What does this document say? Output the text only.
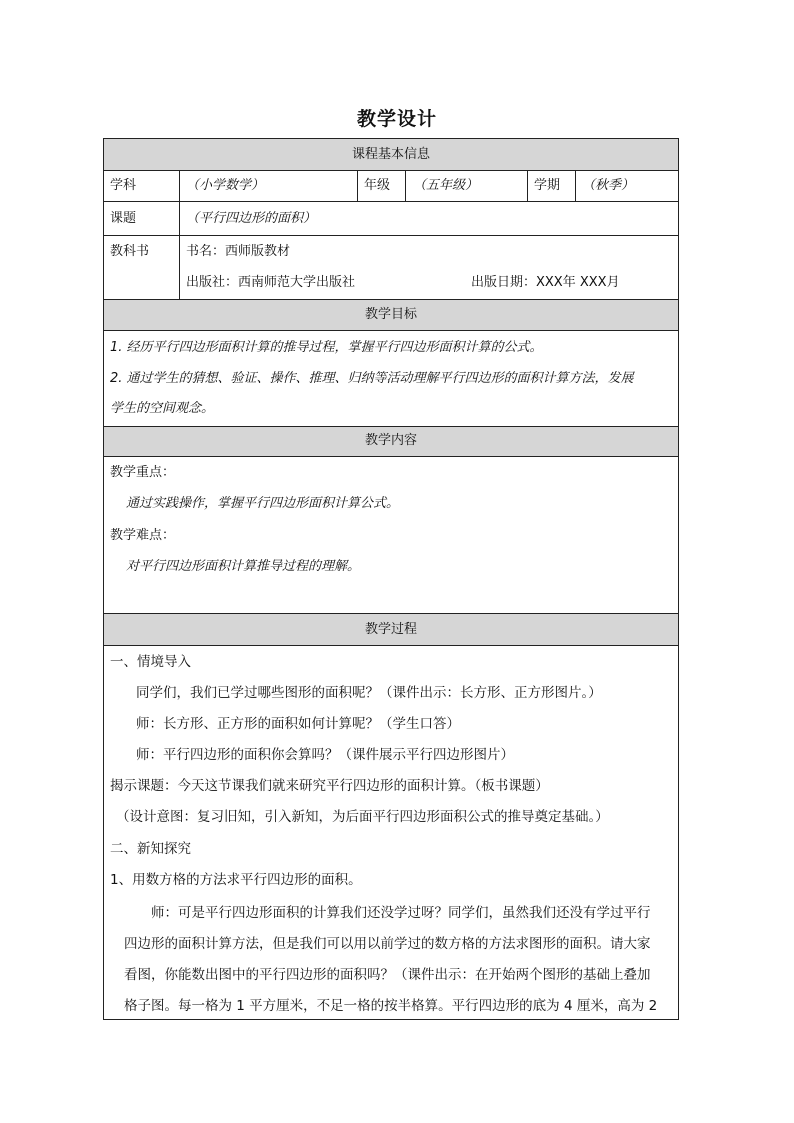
教学设计
课程基本信息
学科	（小学数学）	年级 （五年级）	学期 （秋季）
课题	（平行四边形的面积）
教科书	书名：西师版教材
出版社：西南师范大学出版社	出版日期：XXX年 XXX月
教学目标
1. 经历平行四边形面积计算的推导过程，掌握平行四边形面积计算的公式。
2. 通过学生的猜想、验证、操作、推理、归纳等活动理解平行四边形的面积计算方法，发展
学生的空间观念。
教学内容
教学重点：
通过实践操作，掌握平行四边形面积计算公式。
教学难点：
对平行四边形面积计算推导过程的理解。
教学过程
一、情境导入
同学们，我们已学过哪些图形的面积呢？（课件出示：长方形、正方形图片。）
师：长方形、正方形的面积如何计算呢？（学生口答）
师：平行四边形的面积你会算吗？（课件展示平行四边形图片）
揭示课题：今天这节课我们就来研究平行四边形的面积计算。（板书课题）
（设计意图：复习旧知，引入新知，为后面平行四边形面积公式的推导奠定基础。）
二、新知探究
1、用数方格的方法求平行四边形的面积。
师：可是平行四边形面积的计算我们还没学过呀？同学们，虽然我们还没有学过平行
四边形的面积计算方法，但是我们可以用以前学过的数方格的方法求图形的面积。请大家
看图，你能数出图中的平行四边形的面积吗？（课件出示：在开始两个图形的基础上叠加
格子图。每一格为 1 平方厘米，不足一格的按半格算。平行四边形的底为 4 厘米，高为 2
